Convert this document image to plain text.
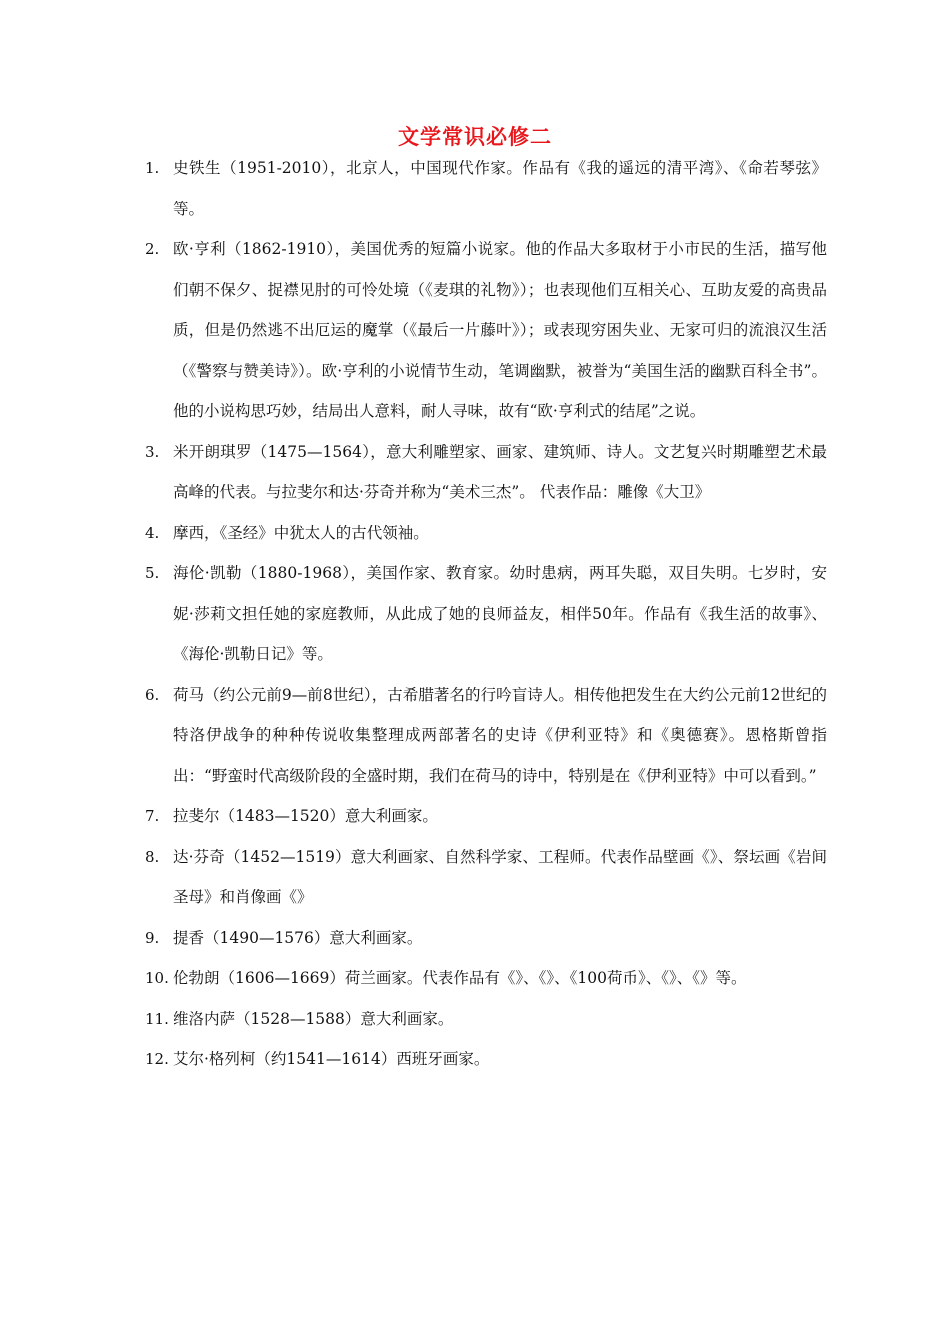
文学常识必修二
1. 史铁生（1951-2010），北京人，中国现代作家。作品有《我的遥远的清平湾》、《命若琴弦》等。
2. 欧·亨利（1862-1910），美国优秀的短篇小说家。他的作品大多取材于小市民的生活，描写他们朝不保夕、捉襟见肘的可怜处境（《麦琪的礼物》）；也表现他们互相关心、互助友爱的高贵品质，但是仍然逃不出厄运的魔掌（《最后一片藤叶》）；或表现穷困失业、无家可归的流浪汉生活（《警察与赞美诗》）。欧·亨利的小说情节生动，笔调幽默，被誉为“美国生活的幽默百科全书”。他的小说构思巧妙，结局出人意料，耐人寻味，故有“欧·亨利式的结尾”之说。
3. 米开朗琪罗（1475—1564），意大利雕塑家、画家、建筑师、诗人。文艺复兴时期雕塑艺术最高峰的代表。与拉斐尔和达·芬奇并称为“美术三杰”。 代表作品：雕像《大卫》
4. 摩西，《圣经》中犹太人的古代领袖。
5. 海伦·凯勒（1880-1968），美国作家、教育家。幼时患病，两耳失聪，双目失明。七岁时，安妮·莎莉文担任她的家庭教师，从此成了她的良师益友，相伴50年。作品有《我生活的故事》、《海伦·凯勒日记》等。
6. 荷马（约公元前9—前8世纪），古希腊著名的行吟盲诗人。相传他把发生在大约公元前12世纪的特洛伊战争的种种传说收集整理成两部著名的史诗《伊利亚特》和《奥德赛》。恩格斯曾指出：“野蛮时代高级阶段的全盛时期，我们在荷马的诗中，特别是在《伊利亚特》中可以看到。”
7. 拉斐尔（1483—1520）意大利画家。
8. 达·芬奇（1452—1519）意大利画家、自然科学家、工程师。代表作品壁画《》、祭坛画《岩间圣母》和肖像画《》
9. 提香（1490—1576）意大利画家。
10. 伦勃朗（1606—1669）荷兰画家。代表作品有《》、《》、《100荷币》、《》、《》等。
11. 维洛内萨（1528—1588）意大利画家。
12. 艾尔·格列柯（约1541—1614）西班牙画家。
